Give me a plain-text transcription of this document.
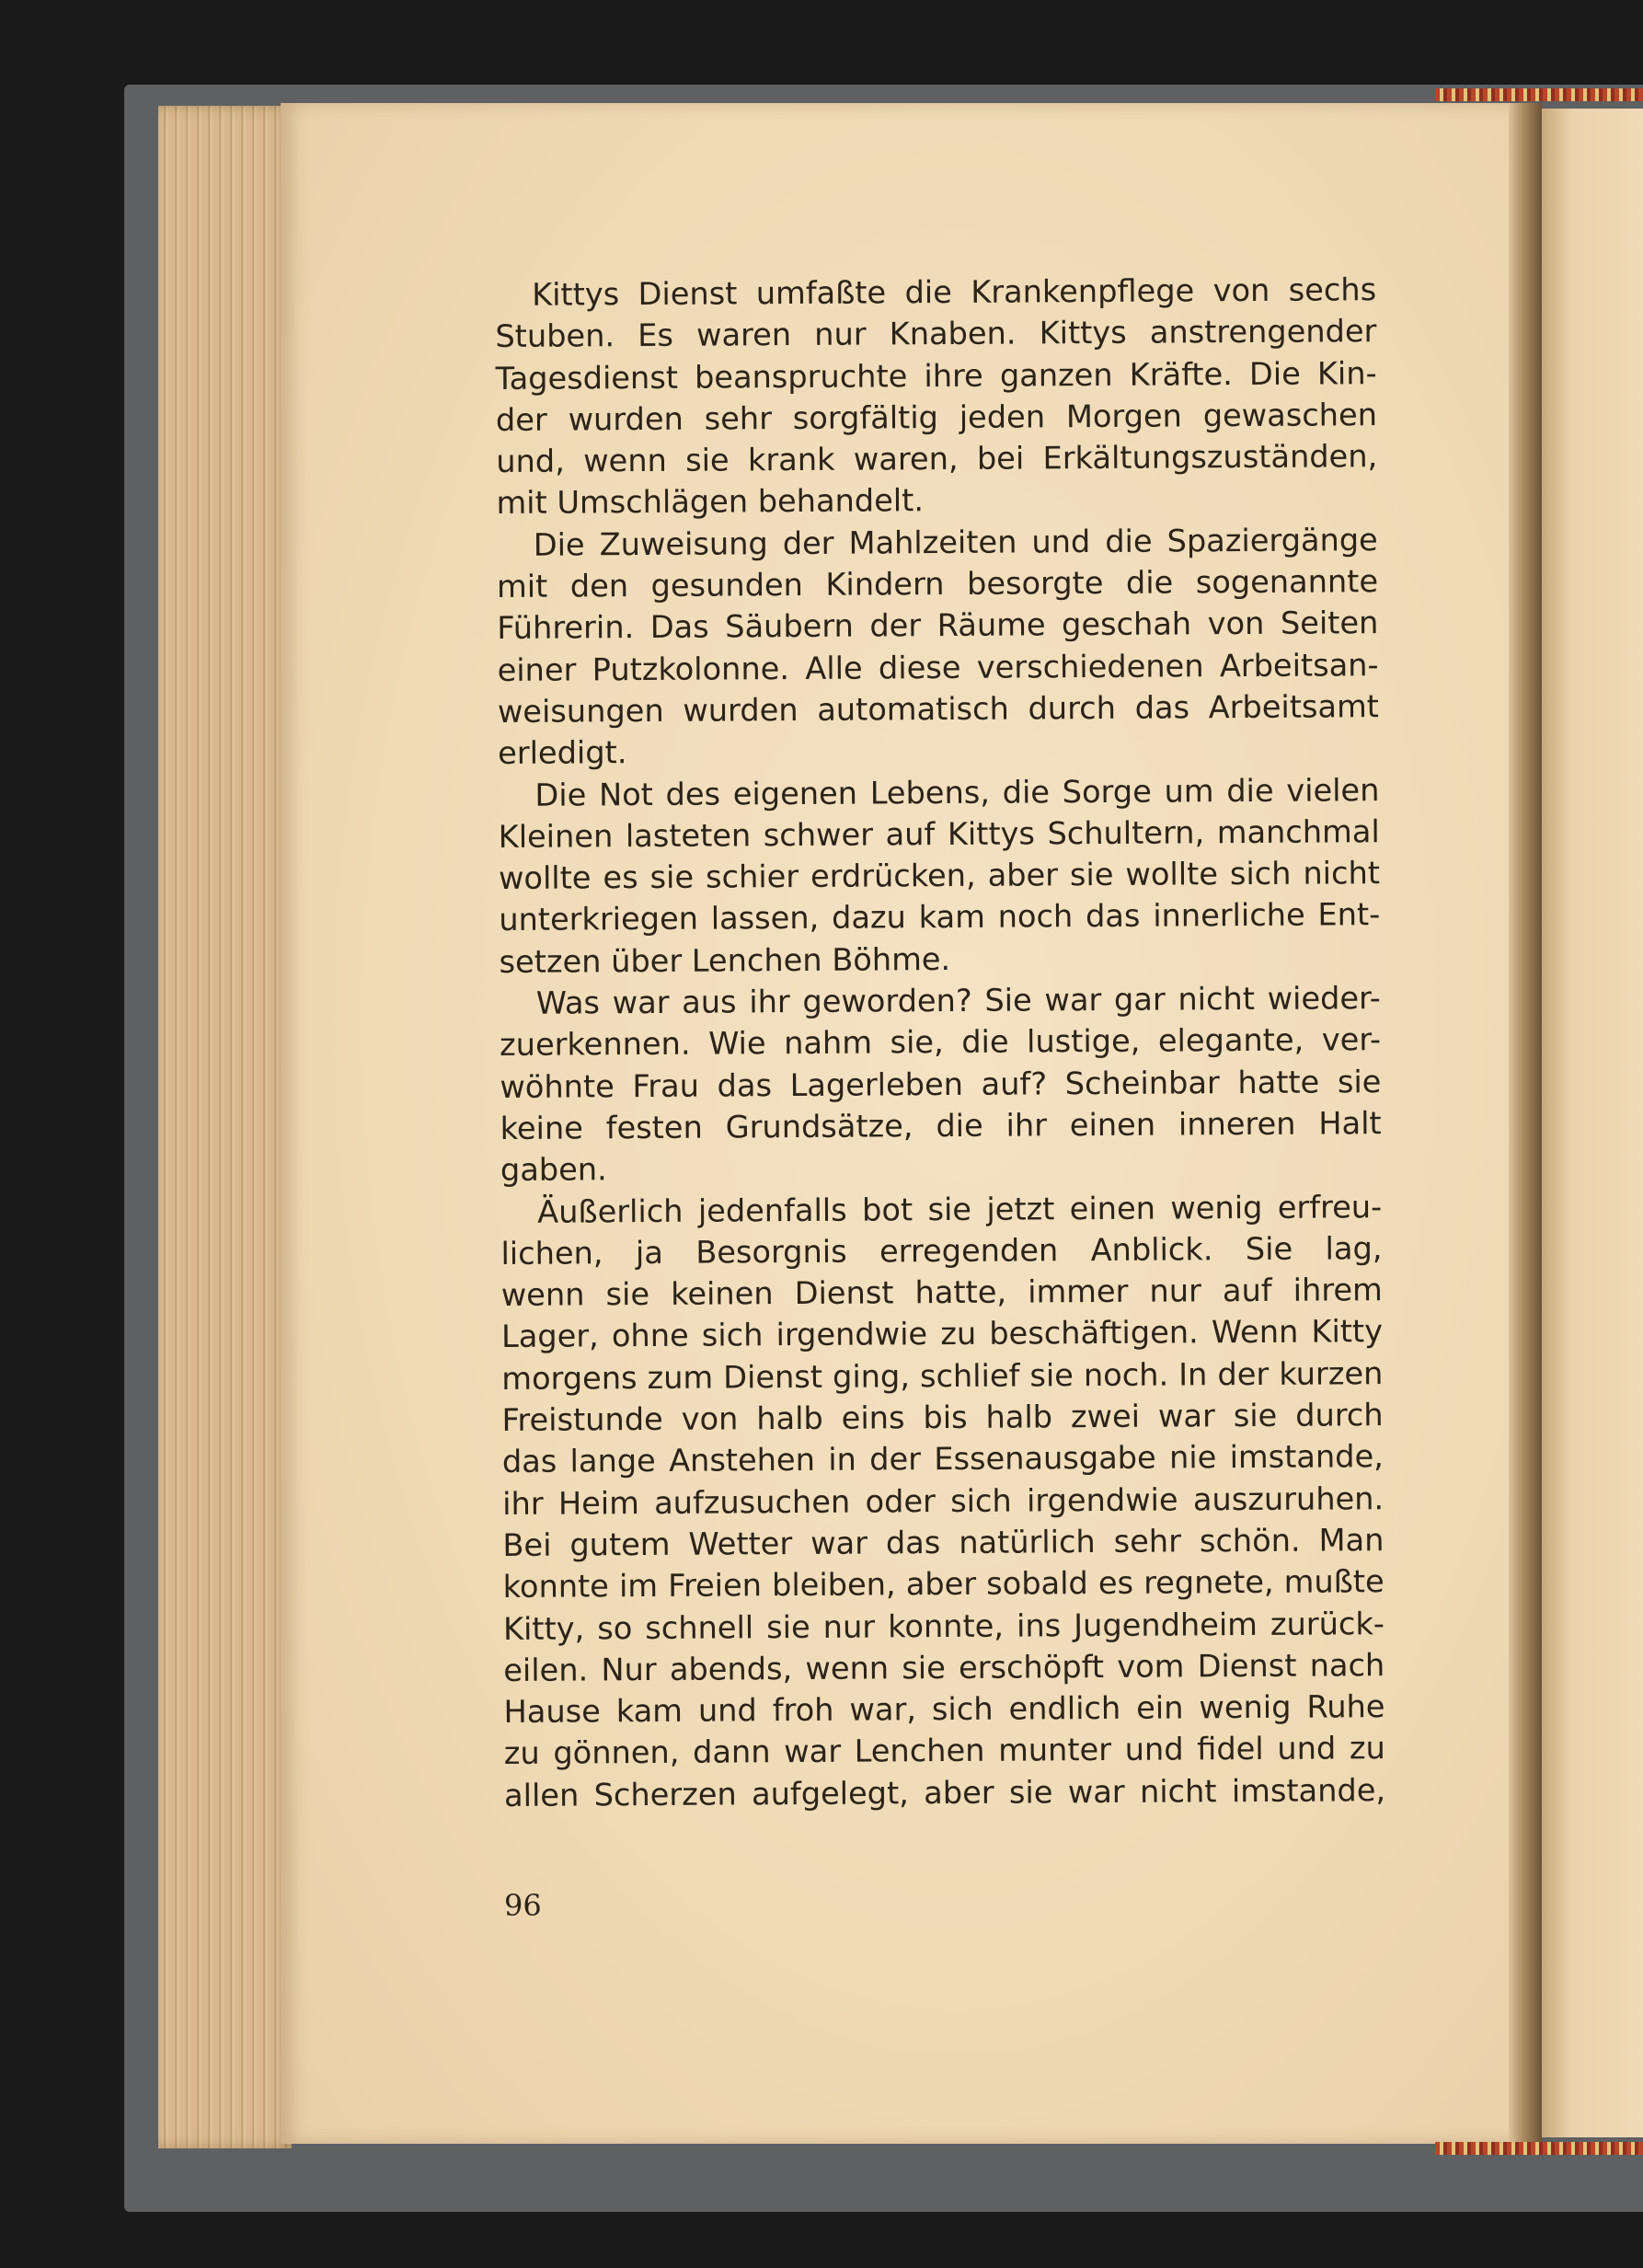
Kittys Dienst umfaßte die Krankenpflege von sechs
Stuben. Es waren nur Knaben. Kittys anstrengender
Tagesdienst beanspruchte ihre ganzen Kräfte. Die Kin-
der wurden sehr sorgfältig jeden Morgen gewaschen
und, wenn sie krank waren, bei Erkältungszuständen,
mit Umschlägen behandelt.
Die Zuweisung der Mahlzeiten und die Spaziergänge
mit den gesunden Kindern besorgte die sogenannte
Führerin. Das Säubern der Räume geschah von Seiten
einer Putzkolonne. Alle diese verschiedenen Arbeitsan-
weisungen wurden automatisch durch das Arbeitsamt
erledigt.
Die Not des eigenen Lebens, die Sorge um die vielen
Kleinen lasteten schwer auf Kittys Schultern, manchmal
wollte es sie schier erdrücken, aber sie wollte sich nicht
unterkriegen lassen, dazu kam noch das innerliche Ent-
setzen über Lenchen Böhme.
Was war aus ihr geworden? Sie war gar nicht wieder-
zuerkennen. Wie nahm sie, die lustige, elegante, ver-
wöhnte Frau das Lagerleben auf? Scheinbar hatte sie
keine festen Grundsätze, die ihr einen inneren Halt
gaben.
Äußerlich jedenfalls bot sie jetzt einen wenig erfreu-
lichen, ja Besorgnis erregenden Anblick. Sie lag,
wenn sie keinen Dienst hatte, immer nur auf ihrem
Lager, ohne sich irgendwie zu beschäftigen. Wenn Kitty
morgens zum Dienst ging, schlief sie noch. In der kurzen
Freistunde von halb eins bis halb zwei war sie durch
das lange Anstehen in der Essenausgabe nie imstande,
ihr Heim aufzusuchen oder sich irgendwie auszuruhen.
Bei gutem Wetter war das natürlich sehr schön. Man
konnte im Freien bleiben, aber sobald es regnete, mußte
Kitty, so schnell sie nur konnte, ins Jugendheim zurück-
eilen. Nur abends, wenn sie erschöpft vom Dienst nach
Hause kam und froh war, sich endlich ein wenig Ruhe
zu gönnen, dann war Lenchen munter und fidel und zu
allen Scherzen aufgelegt, aber sie war nicht imstande,
96
